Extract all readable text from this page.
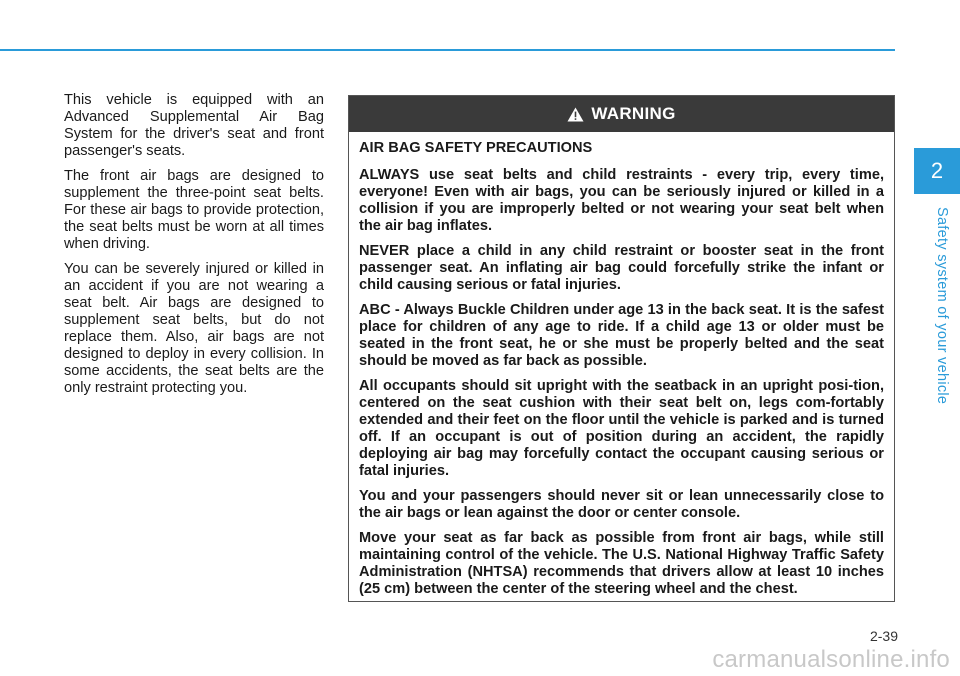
This vehicle is equipped with an Advanced Supplemental Air Bag System for the driver's seat and front passenger's seats.

The front air bags are designed to supplement the three-point seat belts. For these air bags to provide protection, the seat belts must be worn at all times when driving.

You can be severely injured or killed in an accident if you are not wearing a seat belt. Air bags are designed to supplement seat belts, but do not replace them. Also, air bags are not designed to deploy in every collision. In some accidents, the seat belts are the only restraint protecting you.

WARNING
AIR BAG SAFETY PRECAUTIONS

ALWAYS use seat belts and child restraints - every trip, every time, everyone! Even with air bags, you can be seriously injured or killed in a collision if you are improperly belted or not wearing your seat belt when the air bag inflates.

NEVER place a child in any child restraint or booster seat in the front passenger seat. An inflating air bag could forcefully strike the infant or child causing serious or fatal injuries.

ABC - Always Buckle Children under age 13 in the back seat. It is the safest place for children of any age to ride. If a child age 13 or older must be seated in the front seat, he or she must be properly belted and the seat should be moved as far back as possible.

All occupants should sit upright with the seatback in an upright posi-tion, centered on the seat cushion with their seat belt on, legs com-fortably extended and their feet on the floor until the vehicle is parked and is turned off. If an occupant is out of position during an accident, the rapidly deploying air bag may forcefully contact the occupant causing serious or fatal injuries.

You and your passengers should never sit or lean unnecessarily close to the air bags or lean against the door or center console.

Move your seat as far back as possible from front air bags, while still maintaining control of the vehicle. The U.S. National Highway Traffic Safety Administration (NHTSA) recommends that drivers allow at least 10 inches (25 cm) between the center of the steering wheel and the chest.

2
Safety system of your vehicle
2-39
carmanualsonline.info
